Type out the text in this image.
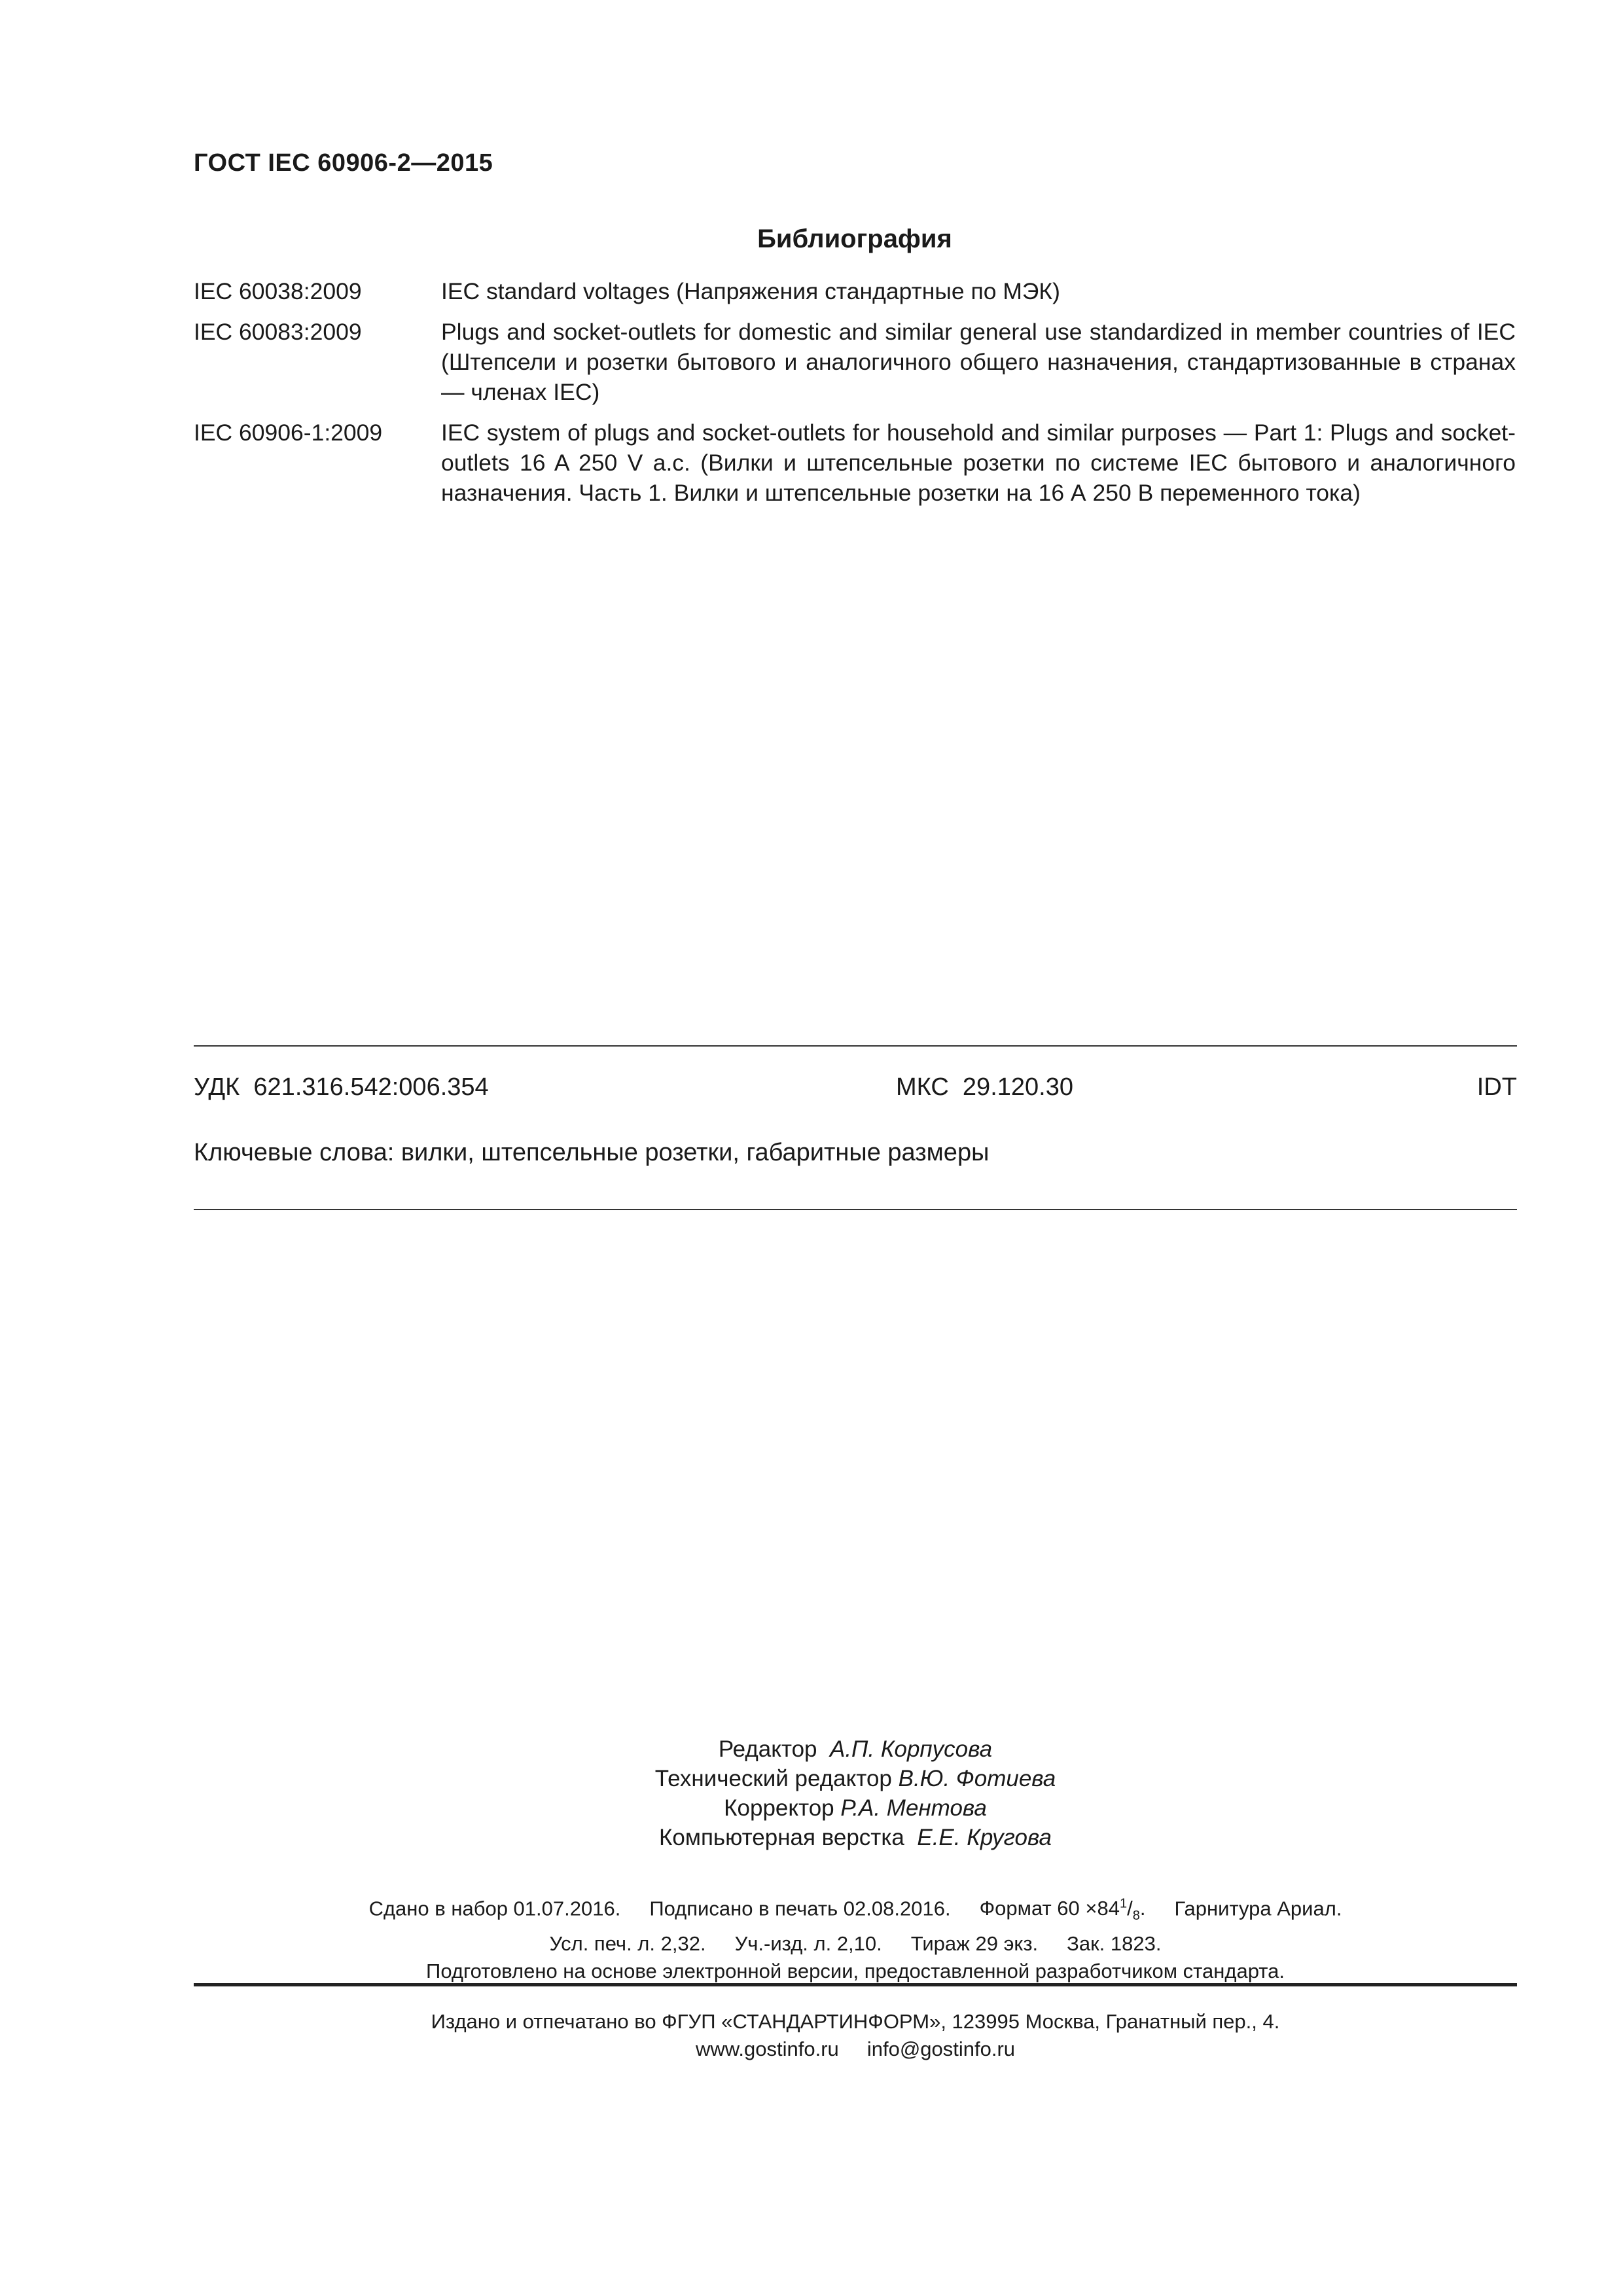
ГОСТ IEC 60906-2—2015
Библиография
IEC 60038:2009	IEC standard voltages (Напряжения стандартные по МЭК)
IEC 60083:2009	Plugs and socket-outlets for domestic and similar general use standardized in member countries of IEC (Штепсели и розетки бытового и аналогичного общего назначения, стандартизованные в странах — членах IEC)
IEC 60906-1:2009	IEC system of plugs and socket-outlets for household and similar purposes — Part 1: Plugs and socket-outlets 16 A 250 V a.c. (Вилки и штепсельные розетки по системе IEC бытового и аналогичного назначения. Часть 1. Вилки и штепсельные розетки на 16 А 250 В переменного тока)
УДК  621.316.542:006.354	МКС  29.120.30	IDT
Ключевые слова: вилки, штепсельные розетки, габаритные размеры
Редактор А.П. Корпусова
Технический редактор В.Ю. Фотиева
Корректор Р.А. Ментова
Компьютерная верстка Е.Е. Кругова
Сдано в набор 01.07.2016. Подписано в печать 02.08.2016. Формат $60 \times 84^1/_8$. Гарнитура Ариал.
Усл. печ. л. 2,32. Уч.-изд. л. 2,10. Тираж 29 экз. Зак. 1823.
Подготовлено на основе электронной версии, предоставленной разработчиком стандарта.
Издано и отпечатано во ФГУП «СТАНДАРТИНФОРМ», 123995 Москва, Гранатный пер., 4.
www.gostinfo.ru info@gostinfo.ru
